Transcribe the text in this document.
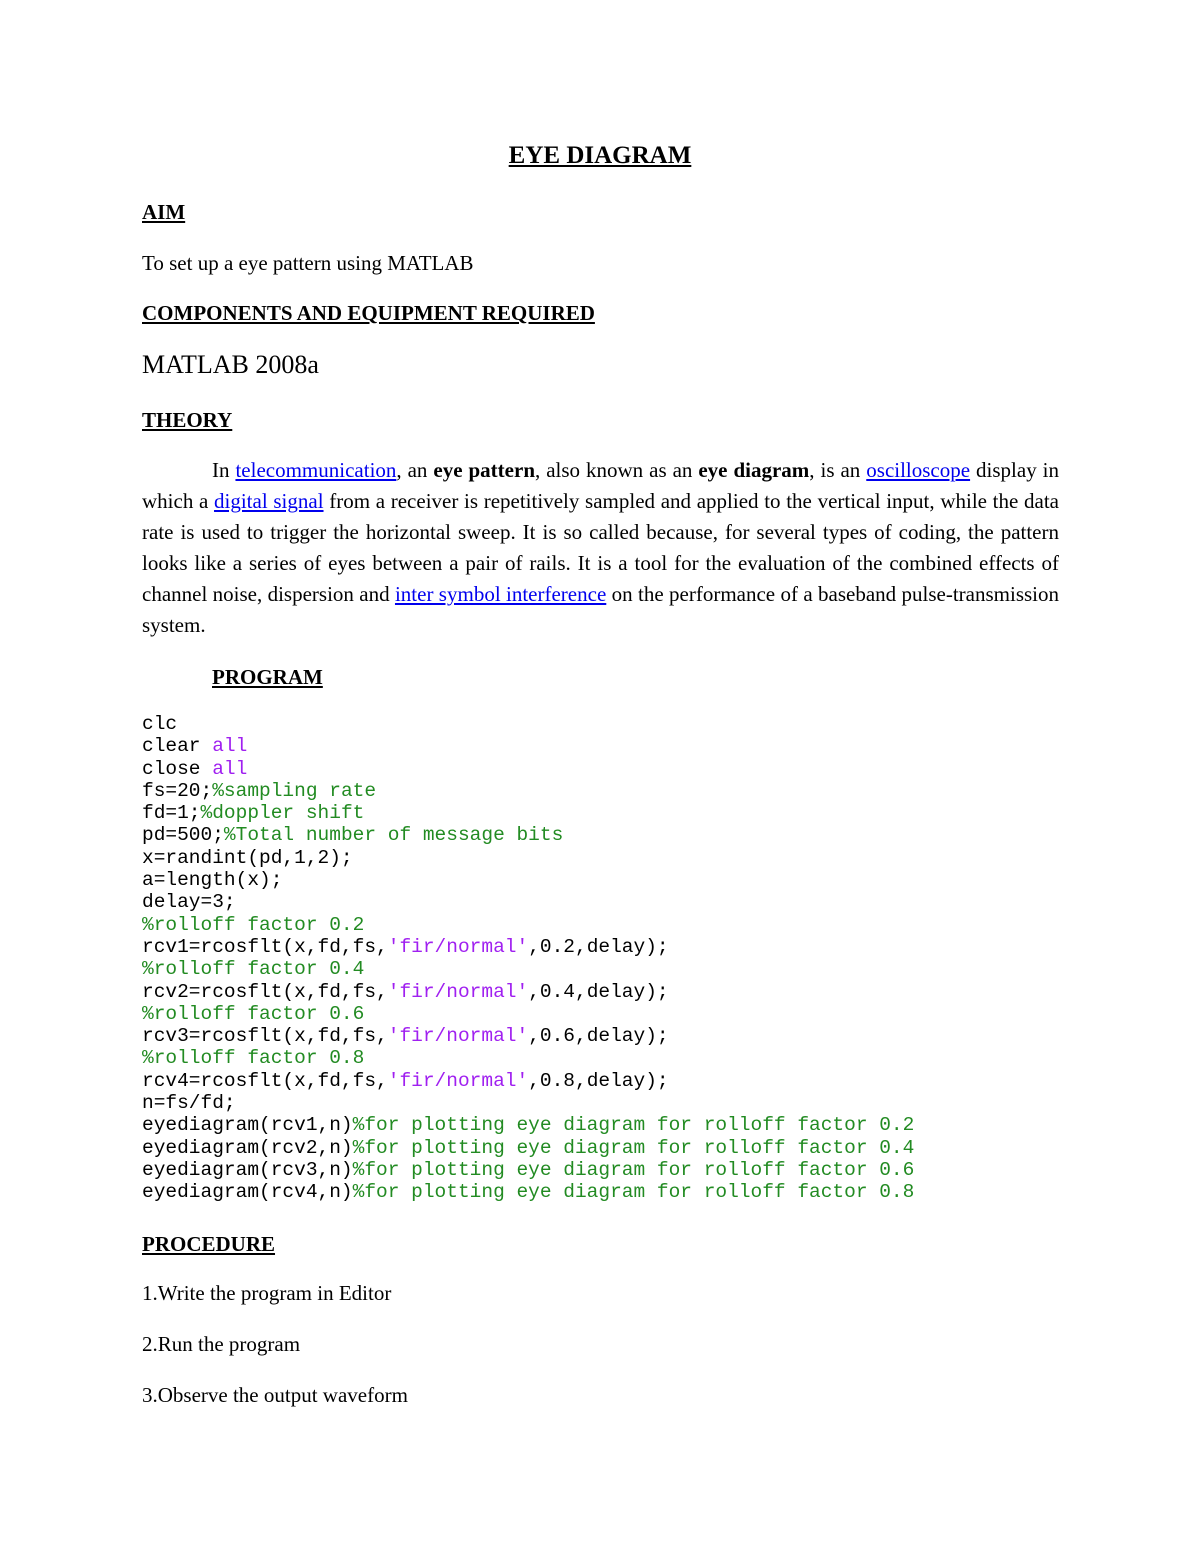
EYE DIAGRAM
AIM
To set up a eye pattern using MATLAB
COMPONENTS AND EQUIPMENT REQUIRED
MATLAB 2008a
THEORY
In telecommunication, an eye pattern, also known as an eye diagram, is an oscilloscope display in which a digital signal from a receiver is repetitively sampled and applied to the vertical input, while the data rate is used to trigger the horizontal sweep. It is so called because, for several types of coding, the pattern looks like a series of eyes between a pair of rails. It is a tool for the evaluation of the combined effects of channel noise, dispersion and inter symbol interference on the performance of a baseband pulse-transmission system.
PROGRAM
clc
clear all
close all
fs=20;%sampling rate
fd=1;%doppler shift
pd=500;%Total number of message bits
x=randint(pd,1,2);
a=length(x);
delay=3;
%rolloff factor 0.2
rcv1=rcosflt(x,fd,fs,'fir/normal',0.2,delay);
%rolloff factor 0.4
rcv2=rcosflt(x,fd,fs,'fir/normal',0.4,delay);
%rolloff factor 0.6
rcv3=rcosflt(x,fd,fs,'fir/normal',0.6,delay);
%rolloff factor 0.8
rcv4=rcosflt(x,fd,fs,'fir/normal',0.8,delay);
n=fs/fd;
eyediagram(rcv1,n)%for plotting eye diagram for rolloff factor 0.2
eyediagram(rcv2,n)%for plotting eye diagram for rolloff factor 0.4
eyediagram(rcv3,n)%for plotting eye diagram for rolloff factor 0.6
eyediagram(rcv4,n)%for plotting eye diagram for rolloff factor 0.8
PROCEDURE
1.Write the program in Editor
2.Run the program
3.Observe the output waveform
